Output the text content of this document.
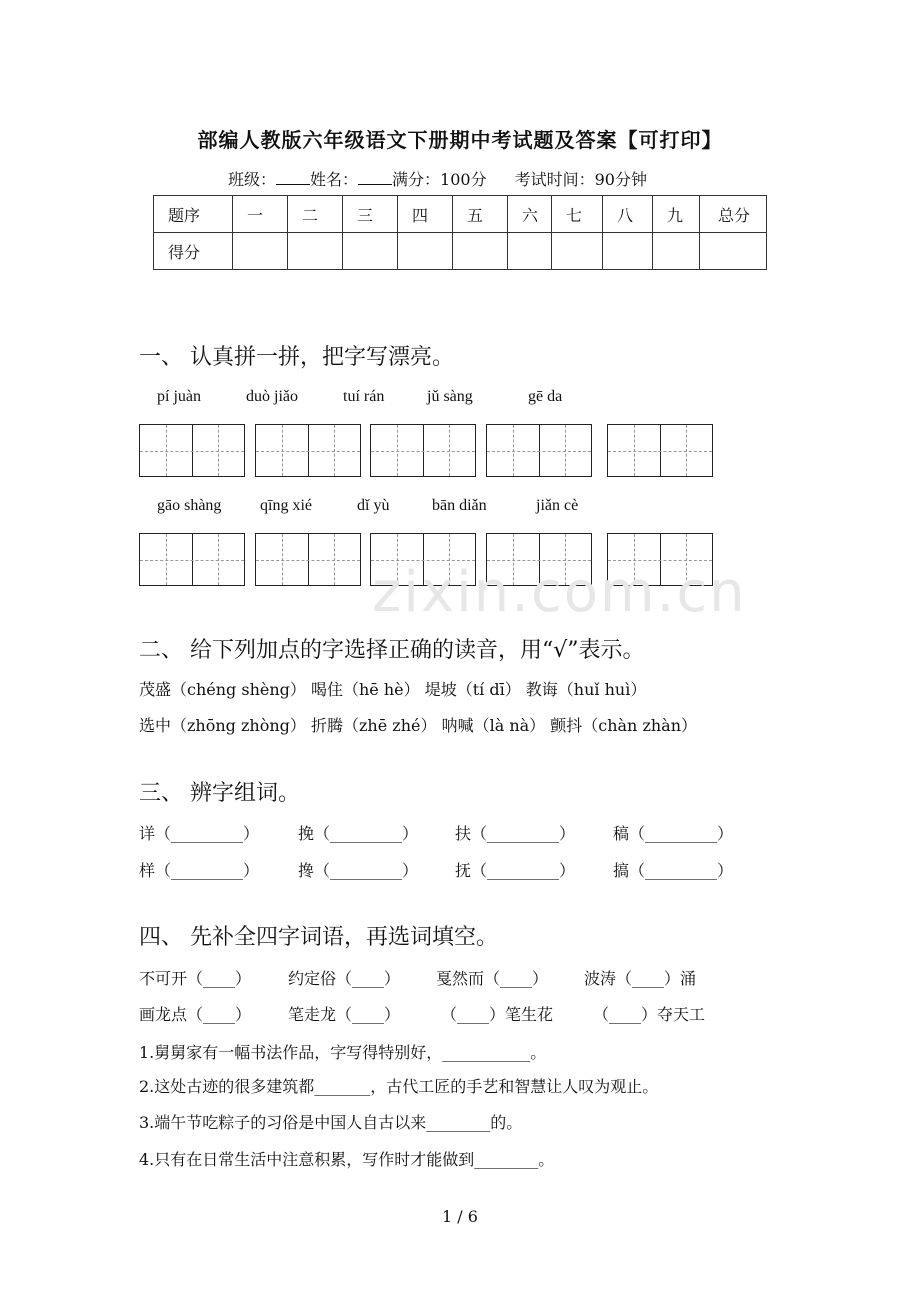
部编人教版六年级语文下册期中考试题及答案【可打印】
班级： 姓名： 满分：100分 考试时间：90分钟
题序	一	二	三	四	五	六	七	八	九	总分
得分										
一、 认真拼一拼，把字写漂亮。
pí juàn	duò jiǎo	tuí rán	jǔ sàng	gē da
gāo shàng qīng xié	dǐ yù	bān diǎn	jiǎn cè
zixin.com.cn
二、 给下列加点的字选择正确的读音，用“√”表示。
茂盛（chéng shèng） 喝住（hē hè） 堤坡（tí dī） 教诲（huǐ huì）
选中（zhōng zhòng） 折腾（zhē zhé） 呐喊（là nà） 颤抖（chàn zhàn）
三、 辨字组词。
详（_________） 挽（_________） 扶（_________） 稿（_________）
样（_________） 搀（_________） 抚（_________） 搞（_________）
四、 先补全四字词语，再选词填空。
不可开（____） 约定俗（____） 戛然而（____） 波涛（____）涌
画龙点（____） 笔走龙（____）	（____）笔生花 （____）夺天工
1.舅舅家有一幅书法作品，字写得特别好，___________。
2.这处古迹的很多建筑都_______，古代工匠的手艺和智慧让人叹为观止。
3.端午节吃粽子的习俗是中国人自古以来________的。
4.只有在日常生活中注意积累，写作时才能做到________。
1 / 6
